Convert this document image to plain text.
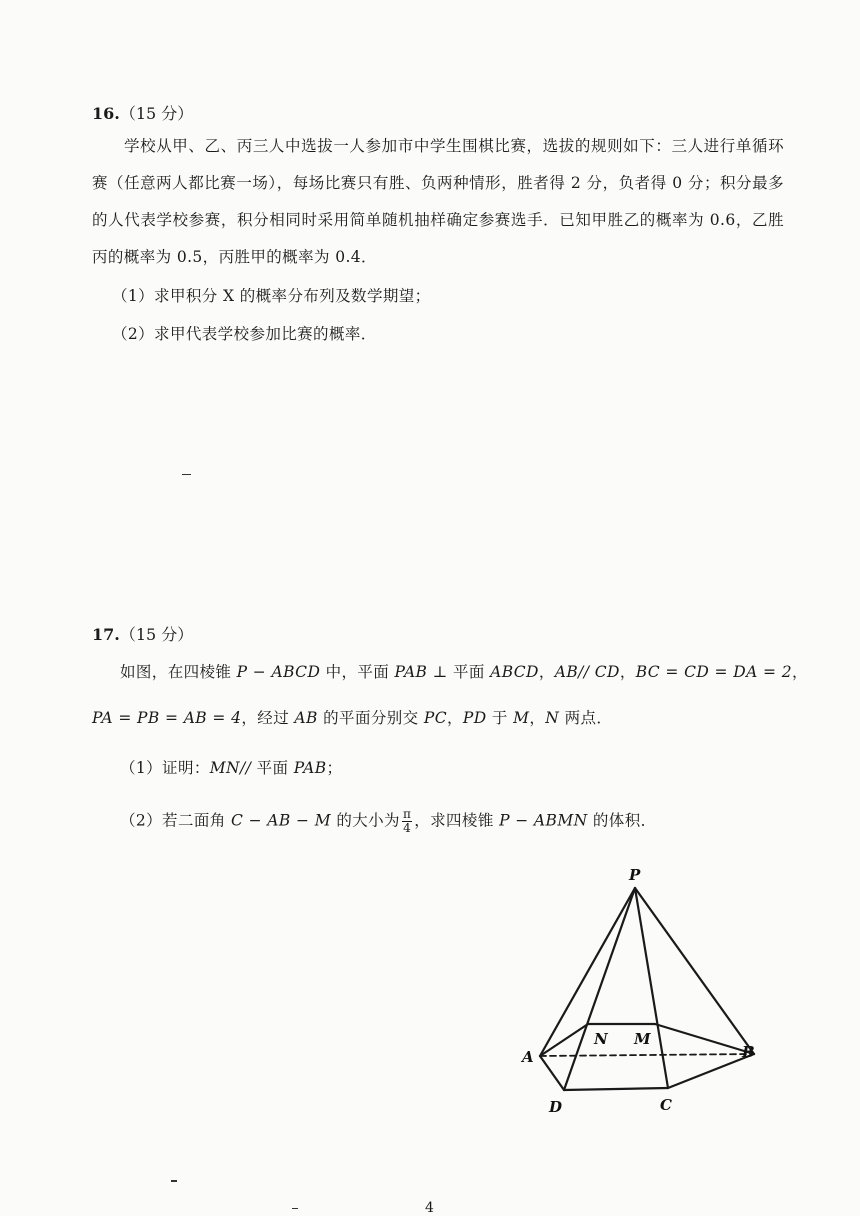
16.（15 分）
学校从甲、乙、丙三人中选拔一人参加市中学生围棋比赛，选拔的规则如下：三人进行单循环赛（任意两人都比赛一场），每场比赛只有胜、负两种情形，胜者得 2 分，负者得 0 分；积分最多的人代表学校参赛，积分相同时采用简单随机抽样确定参赛选手．已知甲胜乙的概率为 0.6，乙胜丙的概率为 0.5，丙胜甲的概率为 0.4．
（1）求甲积分 X 的概率分布列及数学期望；
（2）求甲代表学校参加比赛的概率．
17.（15 分）
如图，在四棱锥 P − ABCD 中，平面 PAB ⊥ 平面 ABCD，AB// CD，BC = CD = DA = 2，
PA = PB = AB = 4，经过 AB 的平面分别交 PC，PD 于 M，N 两点．
（1）证明：MN// 平面 PAB；
（2）若二面角 C − AB − M 的大小为 $\frac{\pi}{4}$ ，求四棱锥 P − ABMN 的体积．
P
A	B
C
D
M
N
4
